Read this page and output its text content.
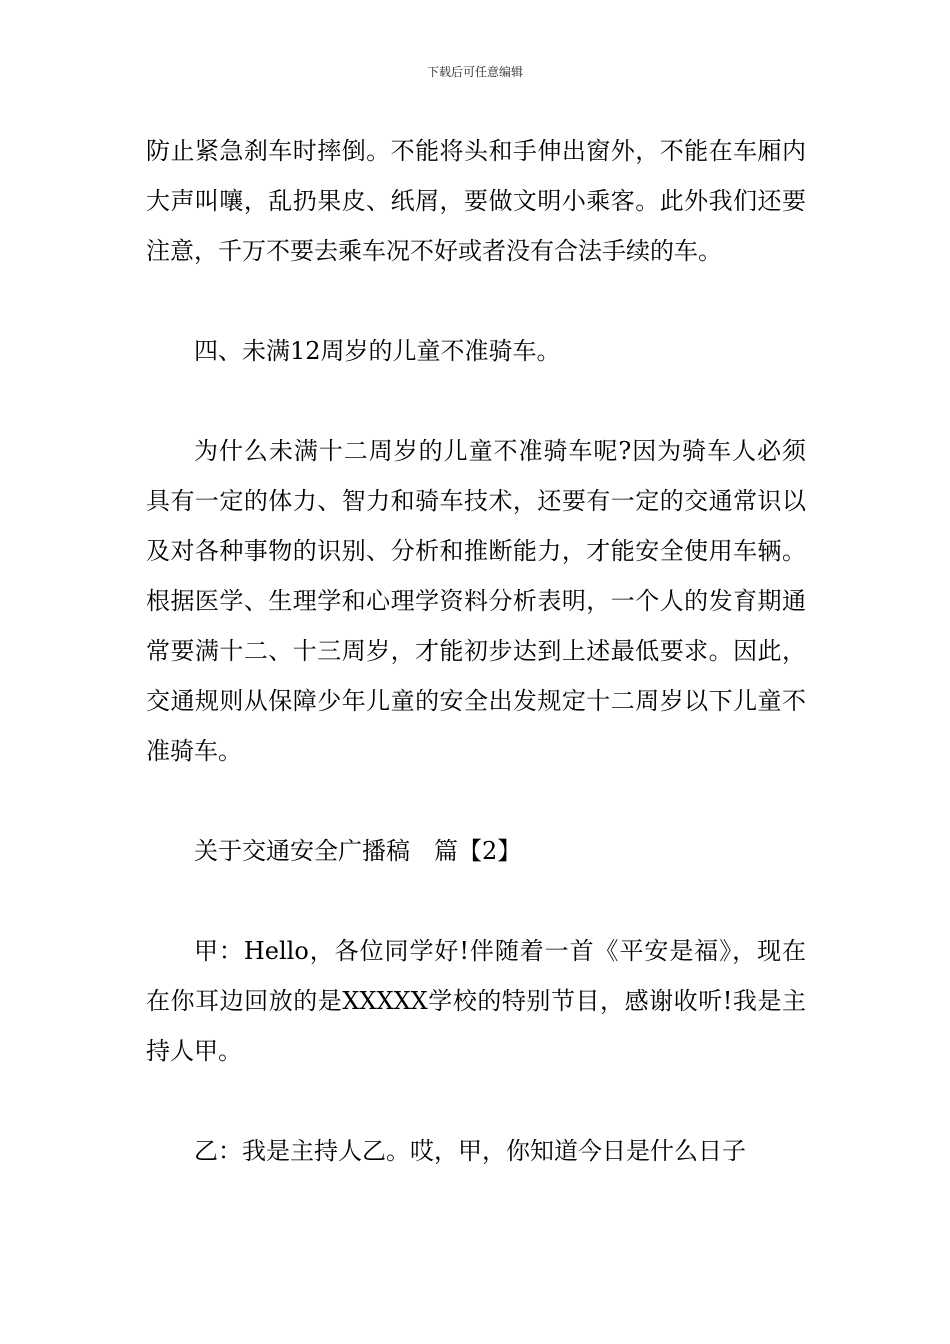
下载后可任意编辑

防止紧急刹车时摔倒。不能将头和手伸出窗外，不能在车厢内大声叫嚷，乱扔果皮、纸屑，要做文明小乘客。此外我们还要注意，千万不要去乘车况不好或者没有合法手续的车。

四、未满12周岁的儿童不准骑车。

为什么未满十二周岁的儿童不准骑车呢?因为骑车人必须具有一定的体力、智力和骑车技术，还要有一定的交通常识以及对各种事物的识别、分析和推断能力，才能安全使用车辆。根据医学、生理学和心理学资料分析表明，一个人的发育期通常要满十二、十三周岁，才能初步达到上述最低要求。因此，交通规则从保障少年儿童的安全出发规定十二周岁以下儿童不准骑车。

关于交通安全广播稿　篇【2】

甲：Hello，各位同学好!伴随着一首《平安是福》，现在在你耳边回放的是XXXXX学校的特别节目，感谢收听!我是主持人甲。

乙：我是主持人乙。哎，甲，你知道今日是什么日子
